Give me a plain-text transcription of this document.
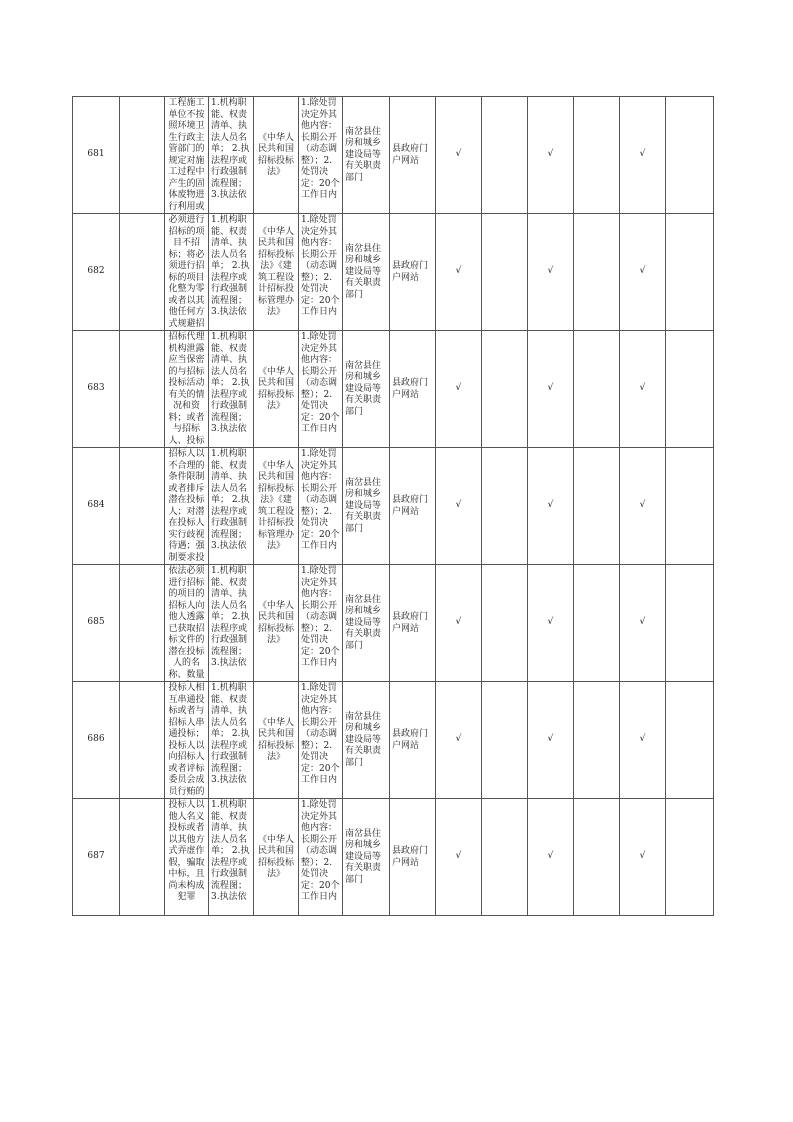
681		工程施工单位不按照环境卫生行政主管部门的规定对施工过程中产生的固体废物进行利用或	1.机构职能、权责清单、执法人员名单； 2.执法程序或行政强制流程图； 3.执法依	《中华人民共和国招标投标法》	1.除处罚决定外其他内容：长期公开（动态调整）；2.处罚决定：20个工作日内	南岔县住房和城乡建设局等有关职责部门	县政府门户网站	√		√		√	

682		必须进行招标的项目不招标；将必须进行招标的项目化整为零或者以其他任何方式规避招	1.机构职能、权责清单、执法人员名单； 2.执法程序或行政强制流程图； 3.执法依	《中华人民共和国招标投标法》《建筑工程设计招标投标管理办法》	1.除处罚决定外其他内容：长期公开（动态调整）；2.处罚决定：20个工作日内	南岔县住房和城乡建设局等有关职责部门	县政府门户网站	√		√		√	

683		招标代理机构泄露应当保密的与招标投标活动有关的情况和资料；或者与招标人、投标	1.机构职能、权责清单、执法人员名单； 2.执法程序或行政强制流程图； 3.执法依	《中华人民共和国招标投标法》	1.除处罚决定外其他内容：长期公开（动态调整）；2.处罚决定：20个工作日内	南岔县住房和城乡建设局等有关职责部门	县政府门户网站	√		√		√	

684		招标人以不合理的条件限制或者排斥潜在投标人；对潜在投标人实行歧视待遇；强制要求投	1.机构职能、权责清单、执法人员名单； 2.执法程序或行政强制流程图； 3.执法依	《中华人民共和国招标投标法》《建筑工程设计招标投标管理办法》	1.除处罚决定外其他内容：长期公开（动态调整）；2.处罚决定：20个工作日内	南岔县住房和城乡建设局等有关职责部门	县政府门户网站	√		√		√	

685		依法必须进行招标的项目的招标人向他人透露已获取招标文件的潜在投标人的名称、数量	1.机构职能、权责清单、执法人员名单； 2.执法程序或行政强制流程图； 3.执法依	《中华人民共和国招标投标法》	1.除处罚决定外其他内容：长期公开（动态调整）；2.处罚决定：20个工作日内	南岔县住房和城乡建设局等有关职责部门	县政府门户网站	√		√		√	

686		投标人相互串通投标或者与招标人串通投标；投标人以向招标人或者评标委员会成员行贿的	1.机构职能、权责清单、执法人员名单； 2.执法程序或行政强制流程图； 3.执法依	《中华人民共和国招标投标法》	1.除处罚决定外其他内容：长期公开（动态调整）；2.处罚决定：20个工作日内	南岔县住房和城乡建设局等有关职责部门	县政府门户网站	√		√		√	

687		投标人以他人名义投标或者以其他方式弄虚作假，骗取中标，且尚未构成犯罪	1.机构职能、权责清单、执法人员名单； 2.执法程序或行政强制流程图； 3.执法依	《中华人民共和国招标投标法》	1.除处罚决定外其他内容：长期公开（动态调整）；2.处罚决定：20个工作日内	南岔县住房和城乡建设局等有关职责部门	县政府门户网站	√		√		√	
